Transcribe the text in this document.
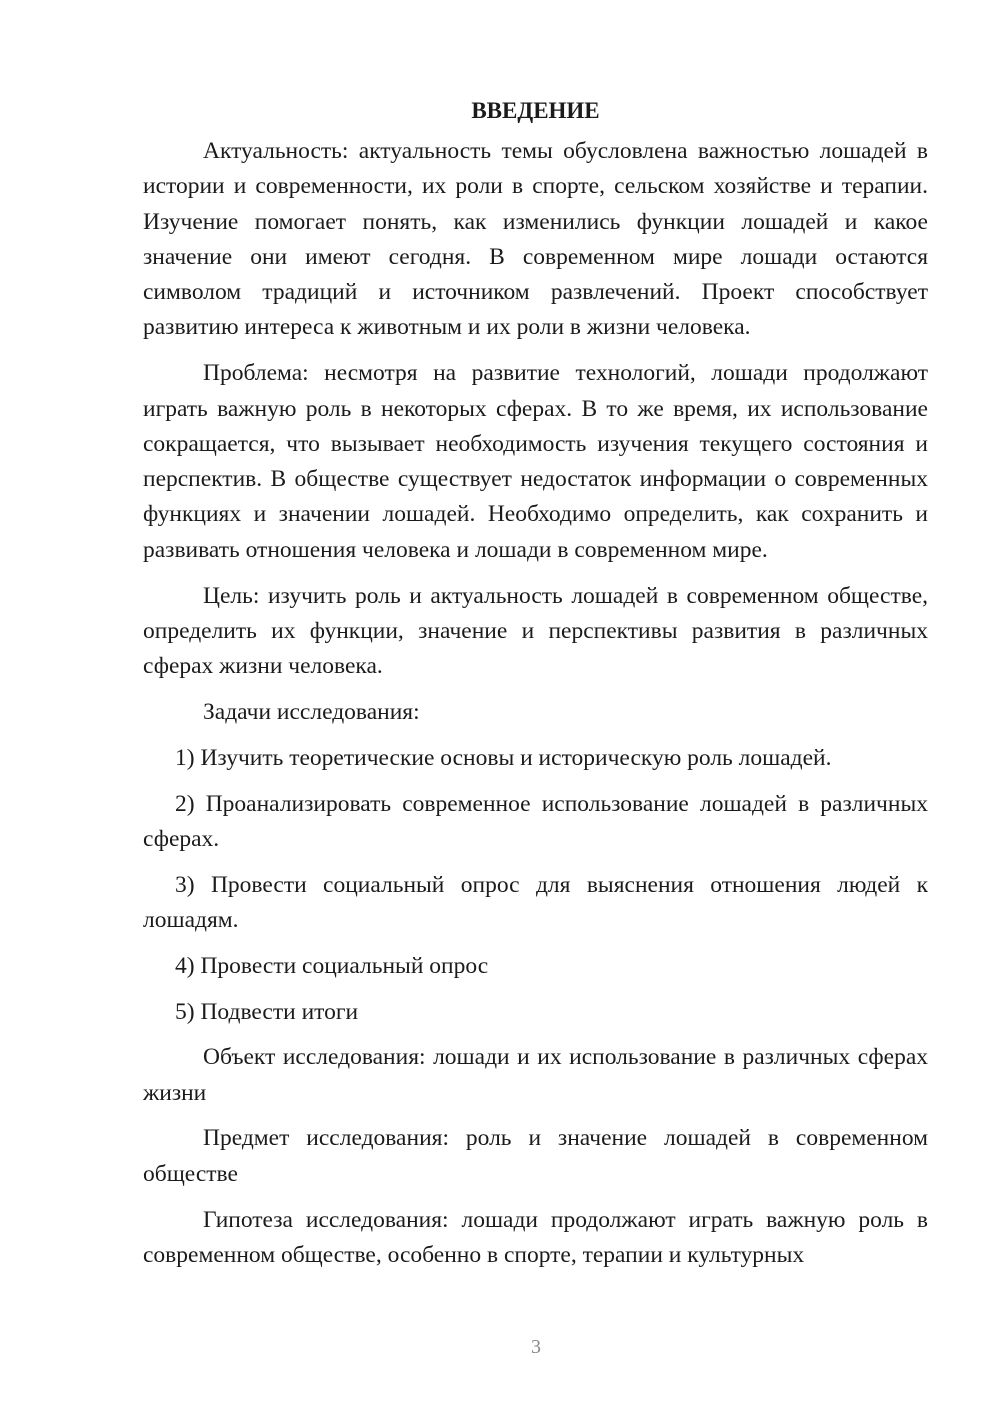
ВВЕДЕНИЕ

Актуальность: актуальность темы обусловлена важностью лошадей в истории и современности, их роли в спорте, сельском хозяйстве и терапии. Изучение помогает понять, как изменились функции лошадей и какое значение они имеют сегодня. В современном мире лошади остаются символом традиций и источником развлечений. Проект способствует развитию интереса к животным и их роли в жизни человека.

Проблема: несмотря на развитие технологий, лошади продолжают играть важную роль в некоторых сферах. В то же время, их использование сокращается, что вызывает необходимость изучения текущего состояния и перспектив. В обществе существует недостаток информации о современных функциях и значении лошадей. Необходимо определить, как сохранить и развивать отношения человека и лошади в современном мире.

Цель: изучить роль и актуальность лошадей в современном обществе, определить их функции, значение и перспективы развития в различных сферах жизни человека.

Задачи исследования:

1) Изучить теоретические основы и историческую роль лошадей.

2) Проанализировать современное использование лошадей в различных сферах.

3) Провести социальный опрос для выяснения отношения людей к лошадям.

4) Провести социальный опрос

5) Подвести итоги

Объект исследования: лошади и их использование в различных сферах жизни

Предмет исследования: роль и значение лошадей в современном обществе

Гипотеза исследования: лошади продолжают играть важную роль в современном обществе, особенно в спорте, терапии и культурных

3
